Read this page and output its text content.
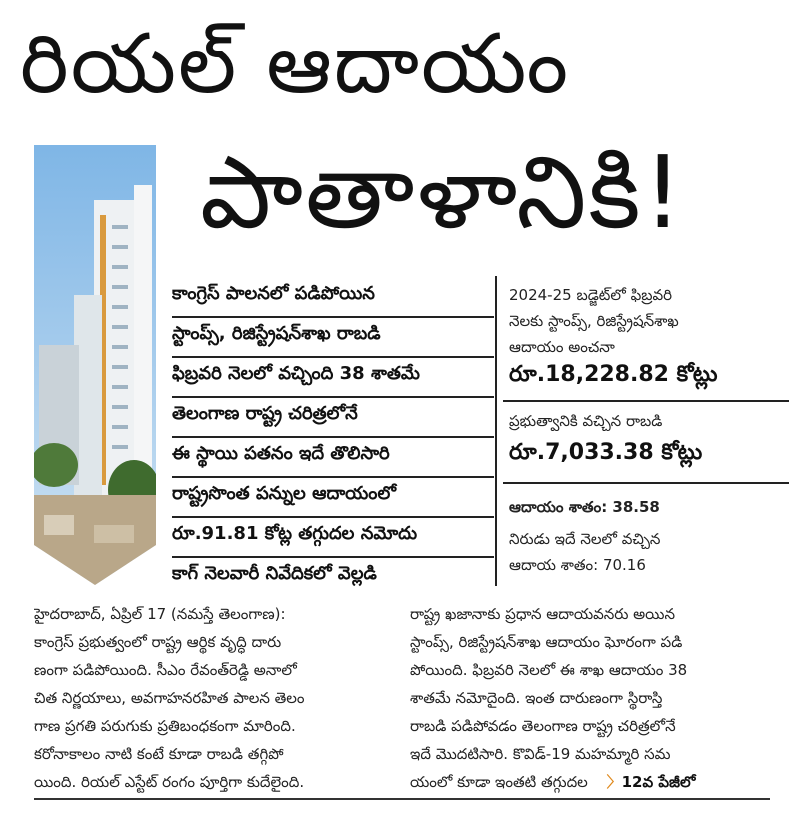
రియల్ ఆదాయం
పాతాళానికి!
కాంగ్రెస్ పాలనలో పడిపోయిన
స్టాంప్స్, రిజిస్ట్రేషన్‌శాఖ రాబడి
ఫిబ్రవరి నెలలో వచ్చింది 38 శాతమే
తెలంగాణ రాష్ట్ర చరిత్రలోనే
ఈ స్థాయి పతనం ఇదే తొలిసారి
రాష్ట్రసొంత పన్నుల ఆదాయంలో
రూ.91.81 కోట్ల తగ్గుదల నమోదు
కాగ్ నెలవారీ నివేదికలో వెల్లడి
2024-25 బడ్జెట్‌లో ఫిబ్రవరి
నెలకు స్టాంప్స్, రిజిస్ట్రేషన్‌శాఖ
ఆదాయం అంచనా
రూ.18,228.82 కోట్లు
ప్రభుత్వానికి వచ్చిన రాబడి
రూ.7,033.38 కోట్లు
ఆదాయం శాతం: 38.58
నిరుడు ఇదే నెలలో వచ్చిన
ఆదాయ శాతం: 70.16

హైదరాబాద్, ఏప్రిల్ 17 (నమస్తే తెలంగాణ):

కాంగ్రెస్ ప్రభుత్వంలో రాష్ట్ర ఆర్థిక వృద్ధి దారు

ణంగా పడిపోయింది. సీఎం రేవంత్‌రెడ్డి అనాలో

చిత నిర్ణయాలు, అవగాహనరహిత పాలన తెలం

గాణ ప్రగతి పరుగుకు ప్రతిబంధకంగా మారింది.

కరోనాకాలం నాటి కంటే కూడా రాబడి తగ్గిపో

యింది. రియల్ ఎస్టేట్ రంగం పూర్తిగా కుదేలైంది.

రాష్ట్ర ఖజానాకు ప్రధాన ఆదాయవనరు అయిన

స్టాంప్స్, రిజిస్ట్రేషన్‌శాఖ ఆదాయం ఘోరంగా పడి

పోయింది. ఫిబ్రవరి నెలలో ఈ శాఖ ఆదాయం 38

శాతమే నమోదైంది. ఇంత దారుణంగా స్థిరాస్తి

రాబడి పడిపోవడం తెలంగాణ రాష్ట్ర చరిత్రలోనే

ఇదే మొదటిసారి. కొవిడ్-19 మహమ్మారి సమ

యంలో కూడా ఇంతటి తగ్గుదల 〉12వ పేజీలో
